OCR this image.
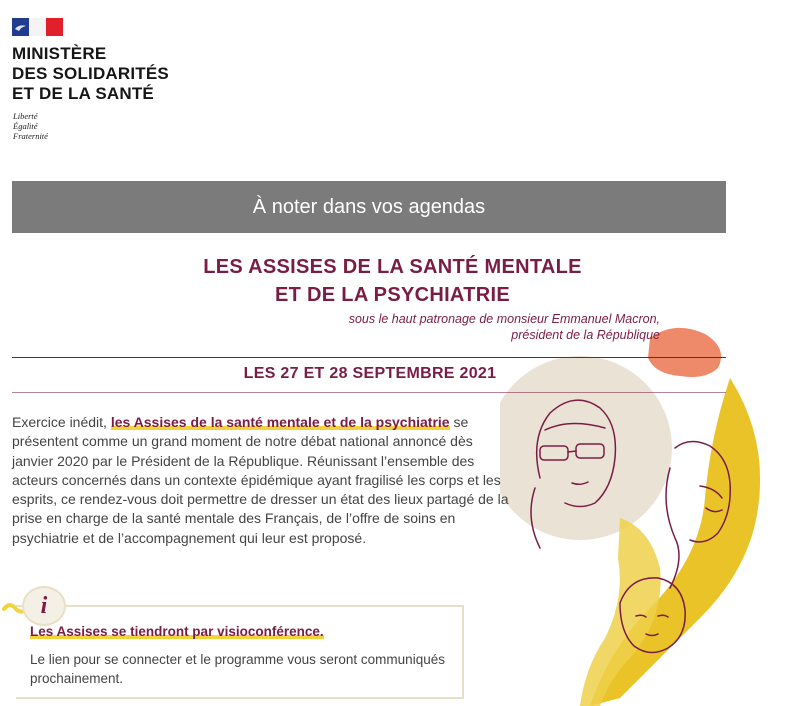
MINISTÈRE
DES SOLIDARITÉS
ET DE LA SANTÉ
Liberté
Égalité
Fraternité
À noter dans vos agendas
LES ASSISES DE LA SANTÉ MENTALE
ET DE LA PSYCHIATRIE
sous le haut patronage de monsieur Emmanuel Macron,
président de la République
LES 27 ET 28 SEPTEMBRE 2021
Exercice inédit, les Assises de la santé mentale et de la psychiatrie se présentent comme un grand moment de notre débat national annoncé dès janvier 2020 par le Président de la République. Réunissant l’ensemble des acteurs concernés dans un contexte épidémique ayant fragilisé les corps et les esprits, ce rendez-vous doit permettre de dresser un état des lieux partagé de la prise en charge de la santé mentale des Français, de l’offre de soins en psychiatrie et de l’accompagnement qui leur est proposé.
i
Les Assises se tiendront par visioconférence.
Le lien pour se connecter et le programme vous seront communiqués prochainement.
